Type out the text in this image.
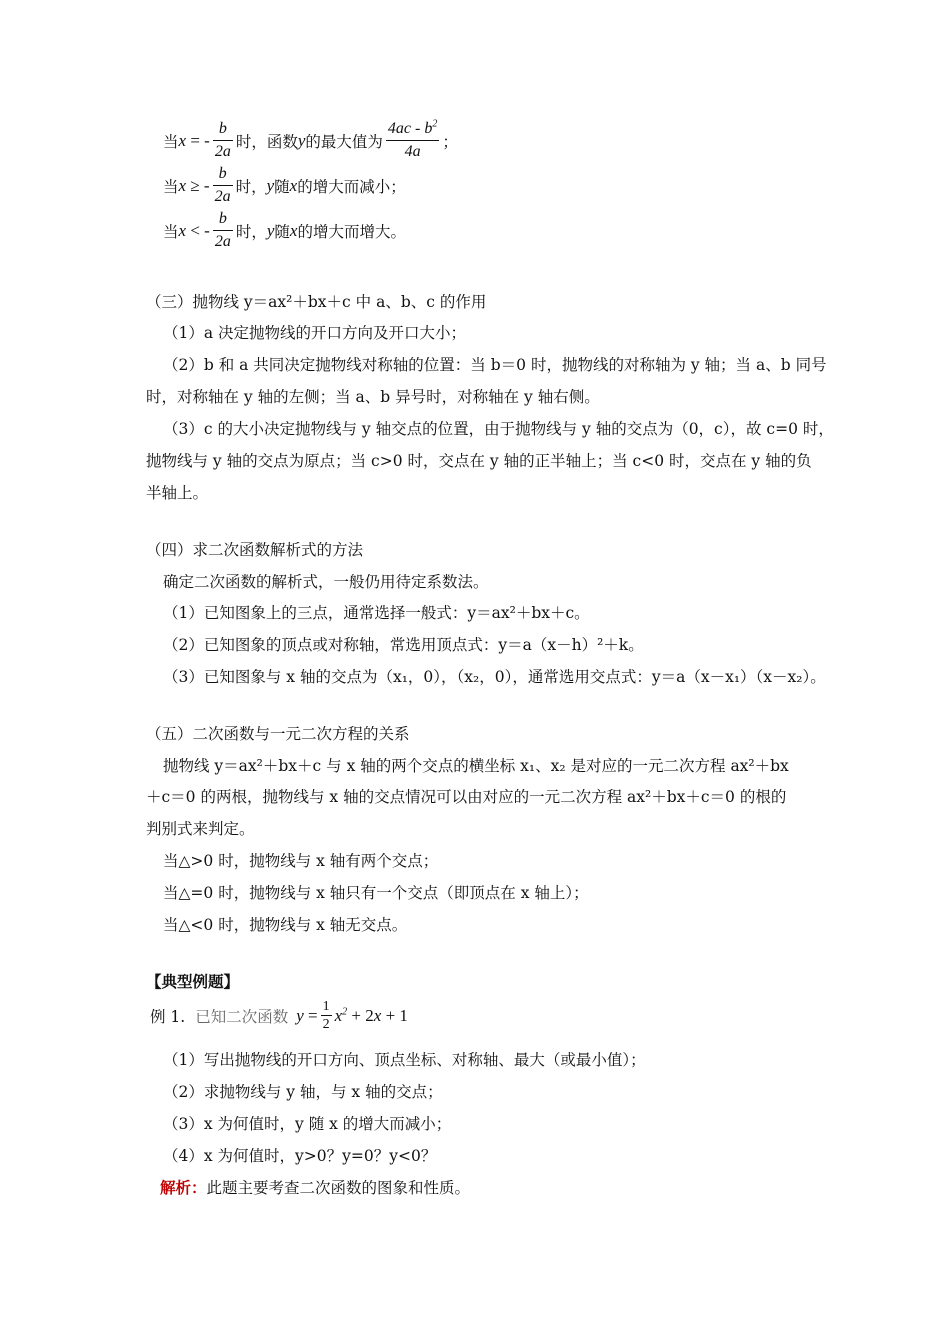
当 x = - $\frac{b}{2a}$ 时，函数 y 的最大值为 $\frac{4ac - b^2}{4a}$ ；
当 x ≥ - $\frac{b}{2a}$ 时， y 随 x 的增大而减小；
当 x < - $\frac{b}{2a}$ 时， y 随 x 的增大而增大。
（三）抛物线 y＝ax²＋bx＋c 中 a、b、c 的作用
（1）a 决定抛物线的开口方向及开口大小；
（2）b 和 a 共同决定抛物线对称轴的位置：当 b＝0 时，抛物线的对称轴为 y 轴；当 a、b 同号
时，对称轴在 y 轴的左侧；当 a、b 异号时，对称轴在 y 轴右侧。
（3）c 的大小决定抛物线与 y 轴交点的位置，由于抛物线与 y 轴的交点为（0，c），故 c=0 时，
抛物线与 y 轴的交点为原点；当 c>0 时，交点在 y 轴的正半轴上；当 c<0 时，交点在 y 轴的负
半轴上。
（四）求二次函数解析式的方法
确定二次函数的解析式，一般仍用待定系数法。
（1）已知图象上的三点，通常选择一般式：y＝ax²＋bx＋c。
（2）已知图象的顶点或对称轴，常选用顶点式：y＝a（x－h）²＋k。
（3）已知图象与 x 轴的交点为（x₁，0），（x₂，0），通常选用交点式：y＝a（x－x₁）（x－x₂）。
（五）二次函数与一元二次方程的关系
抛物线 y＝ax²＋bx＋c 与 x 轴的两个交点的横坐标 x₁、x₂ 是对应的一元二次方程 ax²＋bx
＋c＝0 的两根，抛物线与 x 轴的交点情况可以由对应的一元二次方程 ax²＋bx＋c＝0 的根的
判别式来判定。
当△>0 时，抛物线与 x 轴有两个交点；
当△=0 时，抛物线与 x 轴只有一个交点（即顶点在 x 轴上）；
当△<0 时，抛物线与 x 轴无交点。
【典型例题】
例 1. 已知二次函数 $y = \frac{1}{2} x^2 + 2x + 1$
（1）写出抛物线的开口方向、顶点坐标、对称轴、最大（或最小值）；
（2）求抛物线与 y 轴，与 x 轴的交点；
（3）x 为何值时，y 随 x 的增大而减小；
（4）x 为何值时，y>0？y=0？y<0？
解析：此题主要考查二次函数的图象和性质。
